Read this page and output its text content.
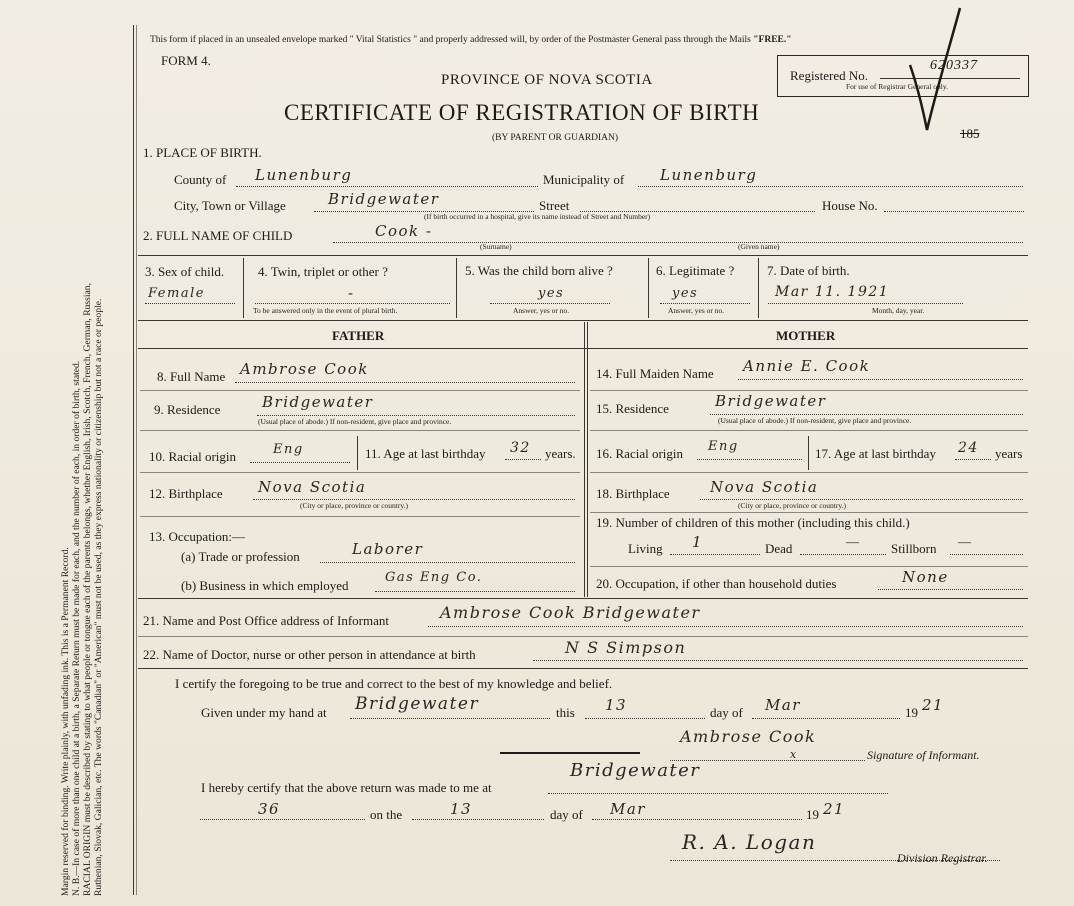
Margin reserved for binding. Write plainly, with unfading ink. This is a Permanent Record. N. B.—In case of more than one child at a birth, a Separate Return must be made for each, and the number of each, in order of birth, stated. RACIAL ORIGIN must be described by stating to what people or tongue each of the parents belongs, whether English, Irish, Scotch, French, German, Russian, Ruthenian, Slovak, Galician, etc. The words "Canadian" or "American" must not be used, as they express nationality or citizenship but not a race or people.
This form if placed in an unsealed envelope marked " Vital Statistics " and properly addressed will, by order of the Postmaster General pass through the Mails "FREE."
FORM 4.
PROVINCE OF NOVA SCOTIA
CERTIFICATE OF REGISTRATION OF BIRTH
(BY PARENT OR GUARDIAN)
Registered No.
620337
For use of Registrar General only.
185
1. PLACE OF BIRTH.
County of Lunenburg	Municipality of Lunenburg
City, Town or Village	Bridgewater	Street	House No.
(If birth occurred in a hospital, give its name instead of Street and Number)
2. FULL NAME OF CHILD	Cook -
(Surname)	(Given name)
3. Sex of child.
Female
4. Twin, triplet or other ?
-
To be answered only in the event of plural birth.
5. Was the child born alive ?
yes
Answer, yes or no.
6. Legitimate ?
yes
Answer, yes or no.
7. Date of birth.
Mar 11. 1921
Month, day, year.
FATHER	MOTHER
8. Full Name Ambrose Cook
9. Residence	Bridgewater
(Usual place of abode.) If non-resident, give place and province.
10. Racial origin	Eng	11. Age at last birthday 32 years.
12. Birthplace Nova Scotia
(City or place, province or country.)
13. Occupation:—
(a) Trade or profession	Laborer
(b) Business in which employed
Gas Eng Co.
14. Full Maiden Name Annie E. Cook
15. Residence	Bridgewater
(Usual place of abode.) If non-resident, give place and province.
16. Racial origin Eng	17. Age at last birthday 24 years
18. Birthplace	Nova Scotia
(City or place, province or country.)
19. Number of children of this mother (including this child.)
Living 1	Dead	— Stillborn —
20. Occupation, if other than household duties	None
21. Name and Post Office address of Informant	Ambrose Cook Bridgewater
22. Name of Doctor, nurse or other person in attendance at birth	N S Simpson
I certify the foregoing to be true and correct to the best of my knowledge and belief.
Given under my hand at Bridgewater	this 13	day of Mar	19 21
Ambrose Cook
x	Signature of Informant.
I hereby certify that the above return was made to me at
Bridgewater
36	on the	13	day of Mar	19 21
R. A. Logan
Division Registrar.
